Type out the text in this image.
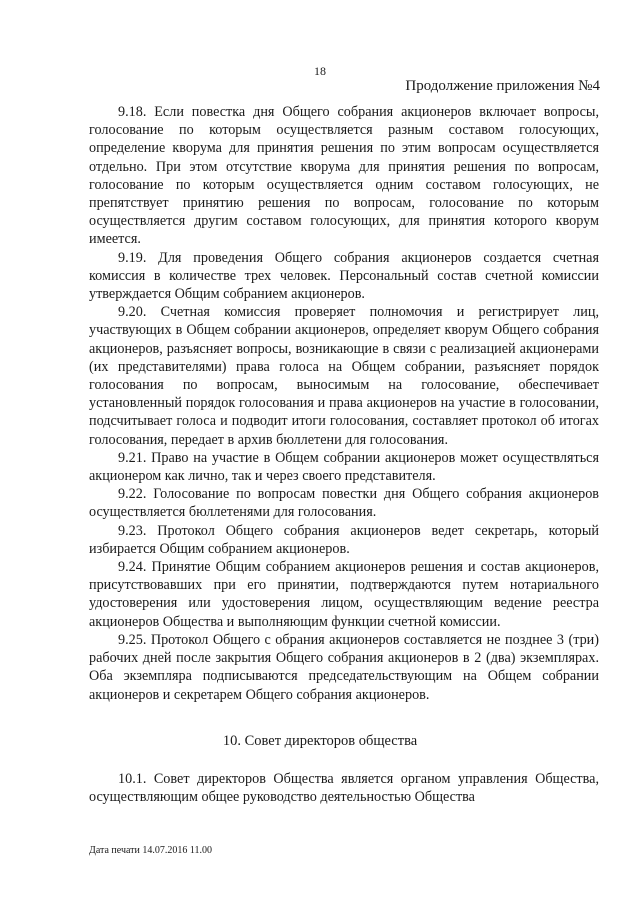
18
Продолжение приложения №4

9.18. Если повестка дня Общего собрания акционеров включает вопросы, голосование по которым осуществляется разным составом голосующих, определение кворума для принятия решения по этим вопросам осуществляется отдельно. При этом отсутствие кворума для принятия решения по вопросам, голосование по которым осуществляется одним составом голосующих, не препятствует принятию решения по вопросам, голосование по которым осуществляется другим составом голосующих, для принятия которого кворум имеется.

9.19. Для проведения Общего собрания акционеров создается счетная комиссия в количестве трех человек. Персональный состав счетной комиссии утверждается Общим собранием акционеров.

9.20. Счетная комиссия проверяет полномочия и регистрирует лиц, участвующих в Общем собрании акционеров, определяет кворум Общего собрания акционеров, разъясняет вопросы, возникающие в связи с реализацией акционерами (их представителями) права голоса на Общем собрании, разъясняет порядок голосования по вопросам, выносимым на голосование, обеспечивает установленный порядок голосования и права акционеров на участие в голосовании, подсчитывает голоса и подводит итоги голосования, составляет протокол об итогах голосования, передает в архив бюллетени для голосования.

9.21. Право на участие в Общем собрании акционеров может осуществляться акционером как лично, так и через своего представителя.

9.22. Голосование по вопросам повестки дня Общего собрания акционеров осуществляется бюллетенями для голосования.

9.23. Протокол Общего собрания акционеров ведет секретарь, который избирается Общим собранием акционеров.

9.24. Принятие Общим собранием акционеров решения и состав акционеров, присутствовавших при его принятии, подтверждаются путем нотариального удостоверения или удостоверения лицом, осуществляющим ведение реестра акционеров Общества и выполняющим функции счетной комиссии.

9.25. Протокол Общего с обрания акционеров составляется не позднее 3 (три) рабочих дней после закрытия Общего собрания акционеров в 2 (два) экземплярах. Оба экземпляра подписываются председательствующим на Общем собрании акционеров и секретарем Общего собрания акционеров.

10. Совет директоров общества

10.1. Совет директоров Общества является органом управления Общества, осуществляющим общее руководство деятельностью Общества

Дата печати 14.07.2016 11.00
